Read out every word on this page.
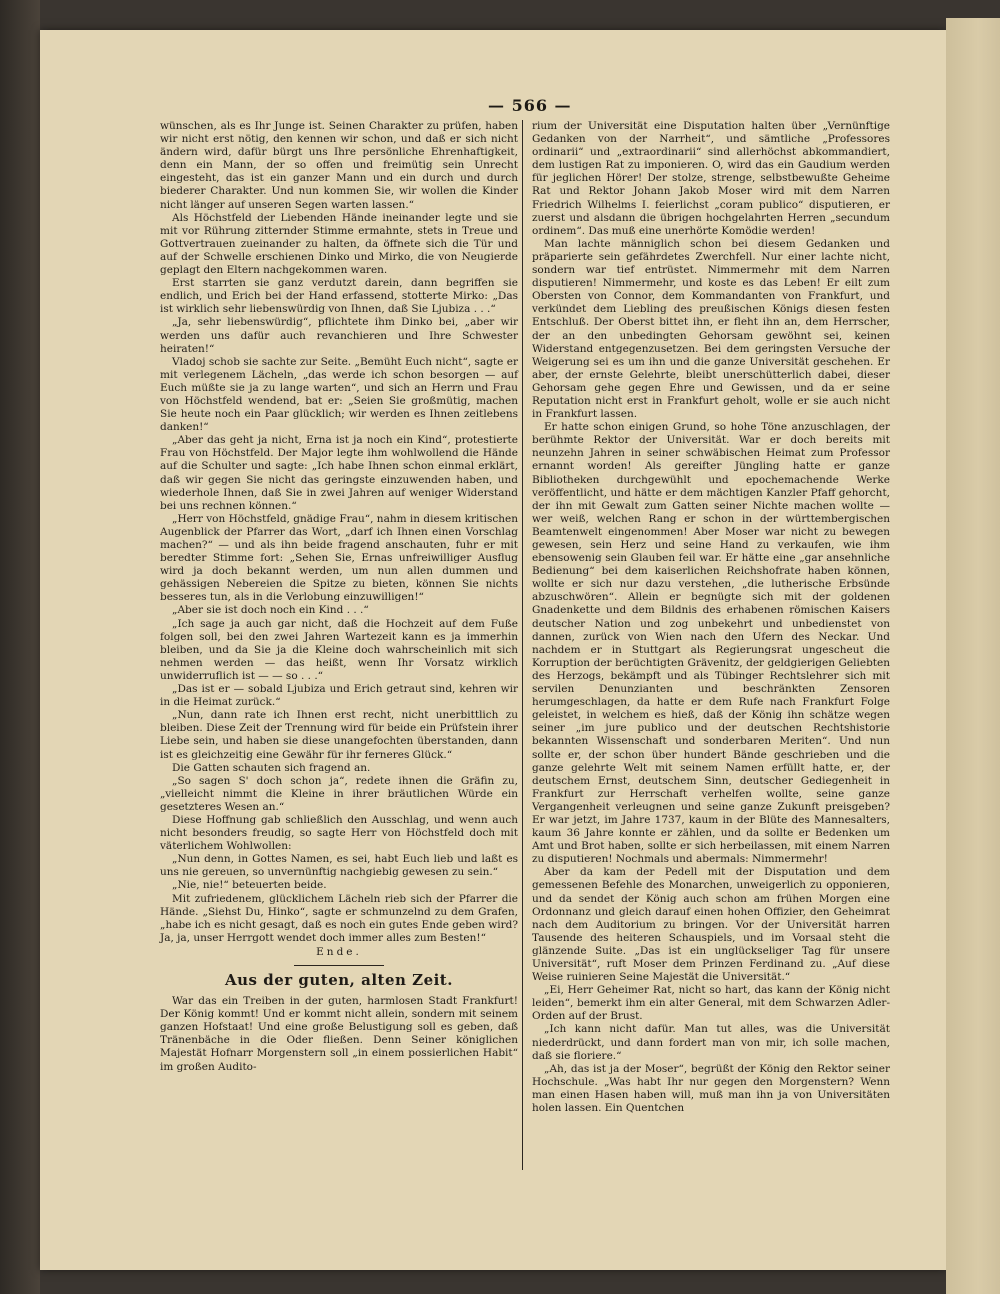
— 566 —

wünschen, als es Ihr Junge ist. Seinen Charakter zu prüfen, haben wir nicht erst nötig, den kennen wir schon, und daß er sich nicht ändern wird, dafür bürgt uns Ihre persönliche Ehrenhaftigkeit, denn ein Mann, der so offen und freimütig sein Unrecht eingesteht, das ist ein ganzer Mann und ein durch und durch biederer Charakter. Und nun kommen Sie, wir wollen die Kinder nicht länger auf unseren Segen warten lassen.“

Als Höchstfeld der Liebenden Hände ineinander legte und sie mit vor Rührung zitternder Stimme ermahnte, stets in Treue und Gottvertrauen zueinander zu halten, da öffnete sich die Tür und auf der Schwelle erschienen Dinko und Mirko, die von Neugierde geplagt den Eltern nachgekommen waren.

Erst starrten sie ganz verdutzt darein, dann begriffen sie endlich, und Erich bei der Hand erfassend, stotterte Mirko: „Das ist wirklich sehr liebenswürdig von Ihnen, daß Sie Ljubiza . . .“

„Ja, sehr liebenswürdig“, pflichtete ihm Dinko bei, „aber wir werden uns dafür auch revanchieren und Ihre Schwester heiraten!“

Vladoj schob sie sachte zur Seite. „Bemüht Euch nicht“, sagte er mit verlegenem Lächeln, „das werde ich schon besorgen — auf Euch müßte sie ja zu lange warten“, und sich an Herrn und Frau von Höchstfeld wendend, bat er: „Seien Sie großmütig, machen Sie heute noch ein Paar glücklich; wir werden es Ihnen zeitlebens danken!“

„Aber das geht ja nicht, Erna ist ja noch ein Kind“, protestierte Frau von Höchstfeld. Der Major legte ihm wohlwollend die Hände auf die Schulter und sagte: „Ich habe Ihnen schon einmal erklärt, daß wir gegen Sie nicht das geringste einzuwenden haben, und wiederhole Ihnen, daß Sie in zwei Jahren auf weniger Widerstand bei uns rechnen können.“

„Herr von Höchstfeld, gnädige Frau“, nahm in diesem kritischen Augenblick der Pfarrer das Wort, „darf ich Ihnen einen Vorschlag machen?“ — und als ihn beide fragend anschauten, fuhr er mit beredter Stimme fort: „Sehen Sie, Ernas unfreiwilliger Ausflug wird ja doch bekannt werden, um nun allen dummen und gehässigen Nebereien die Spitze zu bieten, können Sie nichts besseres tun, als in die Verlobung einzuwilligen!“

„Aber sie ist doch noch ein Kind . . .“

„Ich sage ja auch gar nicht, daß die Hochzeit auf dem Fuße folgen soll, bei den zwei Jahren Wartezeit kann es ja immerhin bleiben, und da Sie ja die Kleine doch wahrscheinlich mit sich nehmen werden — das heißt, wenn Ihr Vorsatz wirklich unwiderruflich ist — — so . . .“

„Das ist er — sobald Ljubiza und Erich getraut sind, kehren wir in die Heimat zurück.“

„Nun, dann rate ich Ihnen erst recht, nicht unerbittlich zu bleiben. Diese Zeit der Trennung wird für beide ein Prüfstein ihrer Liebe sein, und haben sie diese unangefochten überstanden, dann ist es gleichzeitig eine Gewähr für ihr ferneres Glück.“

Die Gatten schauten sich fragend an.

„So sagen S' doch schon ja“, redete ihnen die Gräfin zu, „vielleicht nimmt die Kleine in ihrer bräutlichen Würde ein gesetzteres Wesen an.“

Diese Hoffnung gab schließlich den Ausschlag, und wenn auch nicht besonders freudig, so sagte Herr von Höchstfeld doch mit väterlichem Wohlwollen:

„Nun denn, in Gottes Namen, es sei, habt Euch lieb und laßt es uns nie gereuen, so unvernünftig nachgiebig gewesen zu sein.“

„Nie, nie!“ beteuerten beide.

Mit zufriedenem, glücklichem Lächeln rieb sich der Pfarrer die Hände. „Siehst Du, Hinko“, sagte er schmunzelnd zu dem Grafen, „habe ich es nicht gesagt, daß es noch ein gutes Ende geben wird? Ja, ja, unser Herrgott wendet doch immer alles zum Besten!“

Ende.
Aus der guten, alten Zeit.

War das ein Treiben in der guten, harmlosen Stadt Frankfurt! Der König kommt! Und er kommt nicht allein, sondern mit seinem ganzen Hofstaat! Und eine große Belustigung soll es geben, daß Tränenbäche in die Oder fließen. Denn Seiner königlichen Majestät Hofnarr Morgenstern soll „in einem possierlichen Habit“ im großen Audito-

rium der Universität eine Disputation halten über „Vernünftige Gedanken von der Narrheit“, und sämtliche „Professores ordinarii“ und „extraordinarii“ sind allerhöchst abkommandiert, dem lustigen Rat zu imponieren. O, wird das ein Gaudium werden für jeglichen Hörer! Der stolze, strenge, selbstbewußte Geheime Rat und Rektor Johann Jakob Moser wird mit dem Narren Friedrich Wilhelms I. feierlichst „coram publico“ disputieren, er zuerst und alsdann die übrigen hochgelahrten Herren „secundum ordinem“. Das muß eine unerhörte Komödie werden!

Man lachte männiglich schon bei diesem Gedanken und präparierte sein gefährdetes Zwerchfell. Nur einer lachte nicht, sondern war tief entrüstet. Nimmermehr mit dem Narren disputieren! Nimmermehr, und koste es das Leben! Er eilt zum Obersten von Connor, dem Kommandanten von Frankfurt, und verkündet dem Liebling des preußischen Königs diesen festen Entschluß. Der Oberst bittet ihn, er fleht ihn an, dem Herrscher, der an den unbedingten Gehorsam gewöhnt sei, keinen Widerstand entgegenzusetzen. Bei dem geringsten Versuche der Weigerung sei es um ihn und die ganze Universität geschehen. Er aber, der ernste Gelehrte, bleibt unerschütterlich dabei, dieser Gehorsam gehe gegen Ehre und Gewissen, und da er seine Reputation nicht erst in Frankfurt geholt, wolle er sie auch nicht in Frankfurt lassen.

Er hatte schon einigen Grund, so hohe Töne anzuschlagen, der berühmte Rektor der Universität. War er doch bereits mit neunzehn Jahren in seiner schwäbischen Heimat zum Professor ernannt worden! Als gereifter Jüngling hatte er ganze Bibliotheken durchgewühlt und epochemachende Werke veröffentlicht, und hätte er dem mächtigen Kanzler Pfaff gehorcht, der ihn mit Gewalt zum Gatten seiner Nichte machen wollte — wer weiß, welchen Rang er schon in der württembergischen Beamtenwelt eingenommen! Aber Moser war nicht zu bewegen gewesen, sein Herz und seine Hand zu verkaufen, wie ihm ebensowenig sein Glauben feil war. Er hätte eine „gar ansehnliche Bedienung“ bei dem kaiserlichen Reichshofrate haben können, wollte er sich nur dazu verstehen, „die lutherische Erbsünde abzuschwören“. Allein er begnügte sich mit der goldenen Gnadenkette und dem Bildnis des erhabenen römischen Kaisers deutscher Nation und zog unbekehrt und unbedienstet von dannen, zurück von Wien nach den Ufern des Neckar. Und nachdem er in Stuttgart als Regierungsrat ungescheut die Korruption der berüchtigten Grävenitz, der geldgierigen Geliebten des Herzogs, bekämpft und als Tübinger Rechtslehrer sich mit servilen Denunzianten und beschränkten Zensoren herumgeschlagen, da hatte er dem Rufe nach Frankfurt Folge geleistet, in welchem es hieß, daß der König ihn schätze wegen seiner „im jure publico und der deutschen Rechtshistorie bekannten Wissenschaft und sonderbaren Meriten“. Und nun sollte er, der schon über hundert Bände geschrieben und die ganze gelehrte Welt mit seinem Namen erfüllt hatte, er, der deutschem Ernst, deutschem Sinn, deutscher Gediegenheit in Frankfurt zur Herrschaft verhelfen wollte, seine ganze Vergangenheit verleugnen und seine ganze Zukunft preisgeben? Er war jetzt, im Jahre 1737, kaum in der Blüte des Mannesalters, kaum 36 Jahre konnte er zählen, und da sollte er Bedenken um Amt und Brot haben, sollte er sich herbeilassen, mit einem Narren zu disputieren! Nochmals und abermals: Nimmermehr!

Aber da kam der Pedell mit der Disputation und dem gemessenen Befehle des Monarchen, unweigerlich zu opponieren, und da sendet der König auch schon am frühen Morgen eine Ordonnanz und gleich darauf einen hohen Offizier, den Geheimrat nach dem Auditorium zu bringen. Vor der Universität harren Tausende des heiteren Schauspiels, und im Vorsaal steht die glänzende Suite. „Das ist ein unglückseliger Tag für unsere Universität“, ruft Moser dem Prinzen Ferdinand zu. „Auf diese Weise ruinieren Seine Majestät die Universität.“

„Ei, Herr Geheimer Rat, nicht so hart, das kann der König nicht leiden“, bemerkt ihm ein alter General, mit dem Schwarzen Adler-Orden auf der Brust.

„Ich kann nicht dafür. Man tut alles, was die Universität niederdrückt, und dann fordert man von mir, ich solle machen, daß sie floriere.“

„Ah, das ist ja der Moser“, begrüßt der König den Rektor seiner Hochschule. „Was habt Ihr nur gegen den Morgenstern? Wenn man einen Hasen haben will, muß man ihn ja von Universitäten holen lassen. Ein Quentchen
